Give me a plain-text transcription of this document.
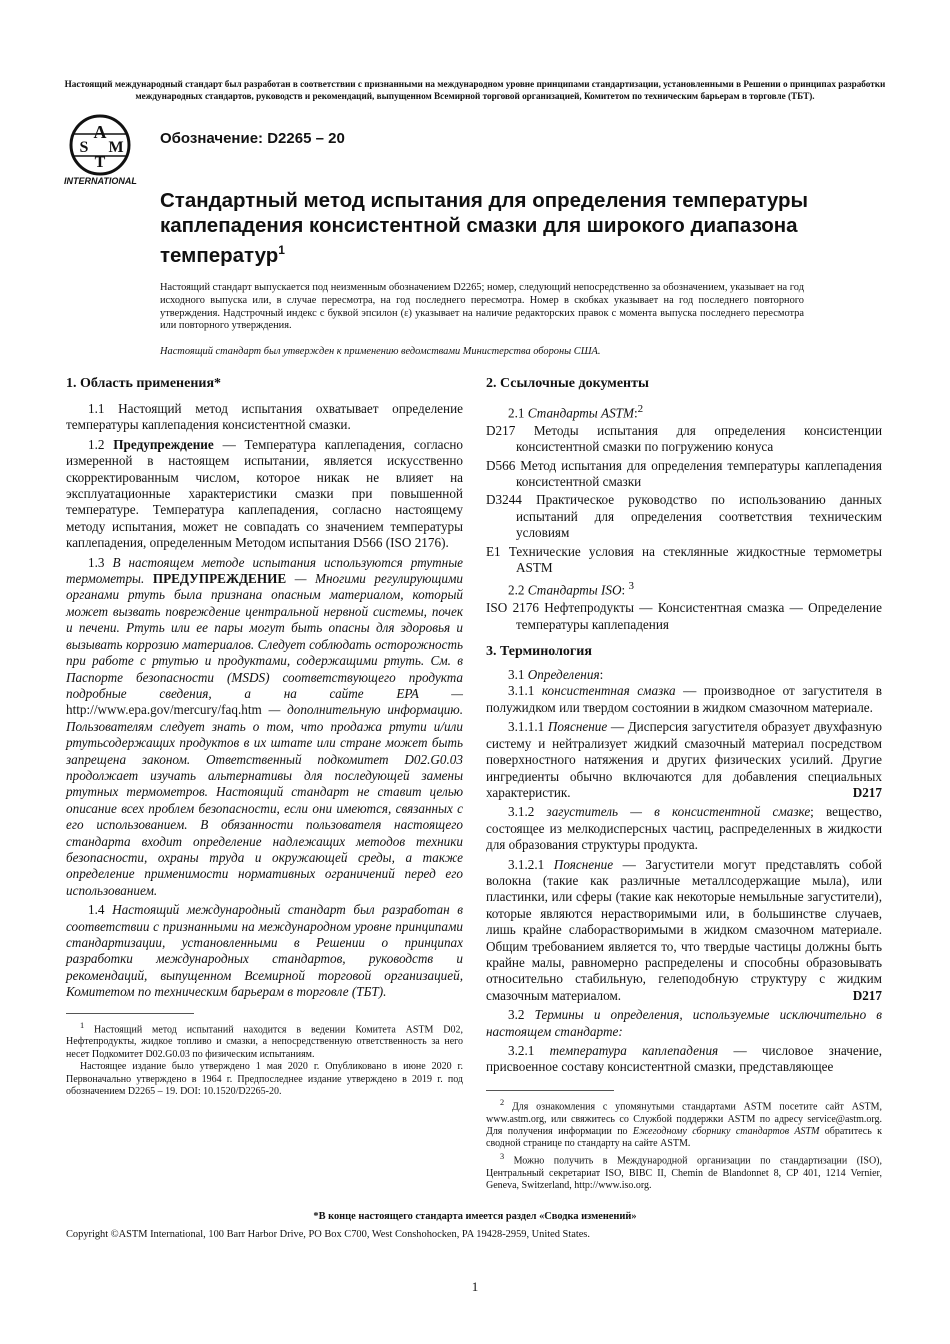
Настоящий международный стандарт был разработан в соответствии с признанными на международном уровне принципами стандартизации, установленными в Решении о принципах разработки международных стандартов, руководств и рекомендаций, выпущенном Всемирной торговой организацией, Комитетом по техническим барьерам в торговле (ТБТ).
A
S M
T
INTERNATIONAL
Обозначение: D2265 – 20
Стандартный метод испытания для определения температуры каплепадения консистентной смазки для широкого диапазона температур$^1$
Настоящий стандарт выпускается под неизменным обозначением D2265; номер, следующий непосредственно за обозначением, указывает на год исходного выпуска или, в случае пересмотра, на год последнего пересмотра. Номер в скобках указывает на год последнего повторного утверждения. Надстрочный индекс с буквой эпсилон (ε) указывает на наличие редакторских правок с момента выпуска последнего пересмотра или повторного утверждения.
Настоящий стандарт был утвержден к применению ведомствами Министерства обороны США.
1. Область применения*

1.1 Настоящий метод испытания охватывает определение температуры каплепадения консистентной смазки.

1.2 Предупреждение — Температура каплепадения, согласно измеренной в настоящем испытании, является искусственно скорректированным числом, которое никак не влияет на эксплуатационные характеристики смазки при повышенной температуре. Температура каплепадения, согласно настоящему методу испытания, может не совпадать со значением температуры каплепадения, определенным Методом испытания D566 (ISO 2176).

1.3 В настоящем методе испытания используются ртутные термометры. ПРЕДУПРЕЖДЕНИЕ — Многими регулирующими органами ртуть была признана опасным материалом, который может вызвать повреждение центральной нервной системы, почек и печени. Ртуть или ее пары могут быть опасны для здоровья и вызывать коррозию материалов. Следует соблюдать осторожность при работе с ртутью и продуктами, содержащими ртуть. См. в Паспорте безопасности (MSDS) соответствующего продукта подробные сведения, а на сайте EPA — http://www.epa.gov/mercury/faq.htm — дополнительную информацию. Пользователям следует знать о том, что продажа ртути и/или ртутьсодержащих продуктов в их штате или стране может быть запрещена законом. Ответственный подкомитет D02.G0.03 продолжает изучать альтернативы для последующей замены ртутных термометров. Настоящий стандарт не ставит целью описание всех проблем безопасности, если они имеются, связанных с его использованием. В обязанности пользователя настоящего стандарта входит определение надлежащих методов техники безопасности, охраны труда и окружающей среды, а также определение применимости нормативных ограничений перед его использованием.

1.4 Настоящий международный стандарт был разработан в соответствии с признанными на международном уровне принципами стандартизации, установленными в Решении о принципах разработки международных стандартов, руководств и рекомендаций, выпущенном Всемирной торговой организацией, Комитетом по техническим барьерам в торговле (ТБТ).

$^1$ Настоящий метод испытаний находится в ведении Комитета ASTM D02, Нефтепродукты, жидкое топливо и смазки, а непосредственную ответственность за него несет Подкомитет D02.G0.03 по физическим испытаниям.

Настоящее издание было утверждено 1 мая 2020 г. Опубликовано в июне 2020 г. Первоначально утверждено в 1964 г. Предпоследнее издание утверждено в 2019 г. под обозначением D2265 – 19. DOI: 10.1520/D2265-20.

2. Ссылочные документы

2.1 Стандарты ASTM:$^2$

D217 Методы испытания для определения консистенции консистентной смазки по погружению конуса

D566 Метод испытания для определения температуры каплепадения консистентной смазки

D3244 Практическое руководство по использованию данных испытаний для определения соответствия техническим условиям

E1 Технические условия на стеклянные жидкостные термометры ASTM

2.2 Стандарты ISO: $^3$

ISO 2176 Нефтепродукты — Консистентная смазка — Определение температуры каплепадения

3. Терминология

3.1 Определения:

3.1.1 консистентная смазка — производное от загустителя в полужидком или твердом состоянии в жидком смазочном материале.

3.1.1.1 Пояснение — Дисперсия загустителя образует двухфазную систему и нейтрализует жидкий смазочный материал посредством поверхностного натяжения и других физических усилий. Другие ингредиенты обычно включаются для добавления специальных характеристик.	D217

3.1.2 загуститель — в консистентной смазке; вещество, состоящее из мелкодисперсных частиц, распределенных в жидкости для образования структуры продукта.

3.1.2.1 Пояснение — Загустители могут представлять собой волокна (такие как различные металлсодержащие мыла), или пластинки, или сферы (такие как некоторые немыльные загустители), которые являются нерастворимыми или, в большинстве случаев, лишь крайне слаборастворимыми в жидком смазочном материале. Общим требованием является то, что твердые частицы должны быть крайне малы, равномерно распределены и способны образовывать относительно стабильную, гелеподобную структуру с жидким смазочным материалом.	D217

3.2 Термины и определения, используемые исключительно в настоящем стандарте:

3.2.1 температура каплепадения — числовое значение, присвоенное составу консистентной смазки, представляющее

$^2$ Для ознакомления с упомянутыми стандартами ASTM посетите сайт ASTM, www.astm.org, или свяжитесь со Службой поддержки ASTM по адресу service@astm.org. Для получения информации по Ежегодному сборнику стандартов ASTM обратитесь к сводной странице по стандарту на сайте ASTM.

$^3$ Можно получить в Международной организации по стандартизации (ISO), Центральный секретариат ISO, BIBC II, Chemin de Blandonnet 8, CP 401, 1214 Vernier, Geneva, Switzerland, http://www.iso.org.

*В конце настоящего стандарта имеется раздел «Сводка изменений»
Copyright ©ASTM International, 100 Barr Harbor Drive, PO Box C700, West Conshohocken, PA 19428-2959, United States.
1
